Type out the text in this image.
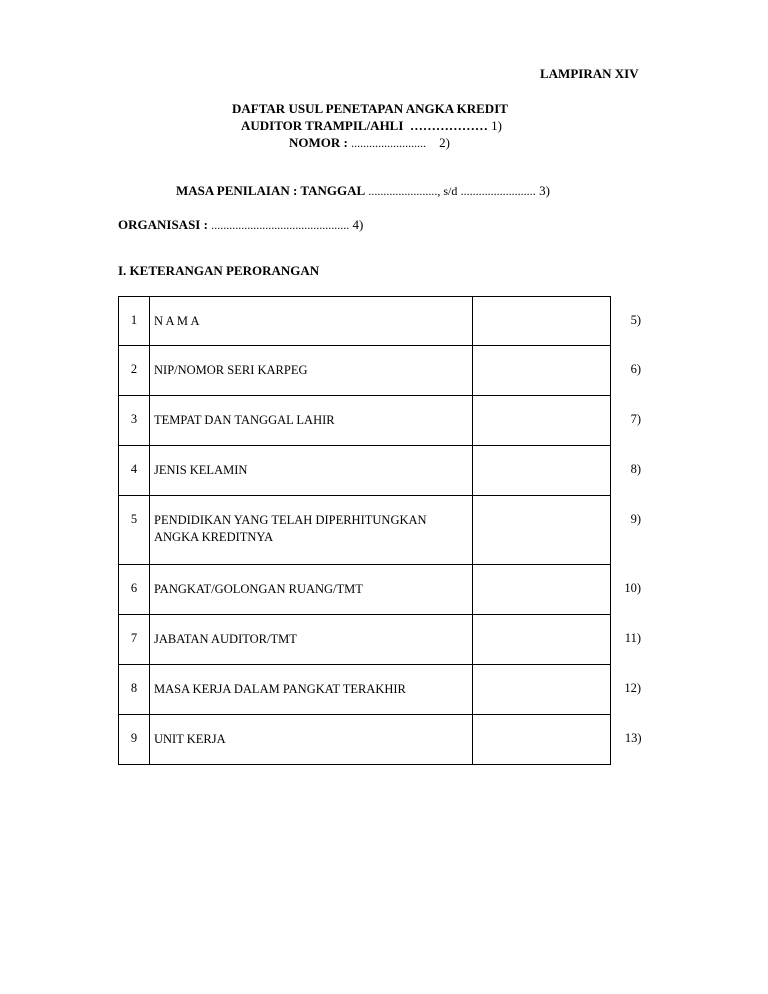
LAMPIRAN XIV
DAFTAR USUL PENETAPAN ANGKA KREDIT
AUDITOR TRAMPIL/AHLI ……………… 1)
NOMOR : ......................... 2)
MASA PENILAIAN : TANGGAL ......................., s/d ......................... 3)
ORGANISASI : .............................................. 4)
I. KETERANGAN PERORANGAN
1	N A M A		5)
2	NIP/NOMOR SERI KARPEG		6)
3	TEMPAT DAN TANGGAL LAHIR		7)
4	JENIS KELAMIN		8)
5	PENDIDIKAN YANG TELAH DIPERHITUNGKAN
ANGKA KREDITNYA		9)
6	PANGKAT/GOLONGAN RUANG/TMT		10)
7	JABATAN AUDITOR/TMT		11)
8	MASA KERJA DALAM PANGKAT TERAKHIR		12)
9	UNIT KERJA		13)
